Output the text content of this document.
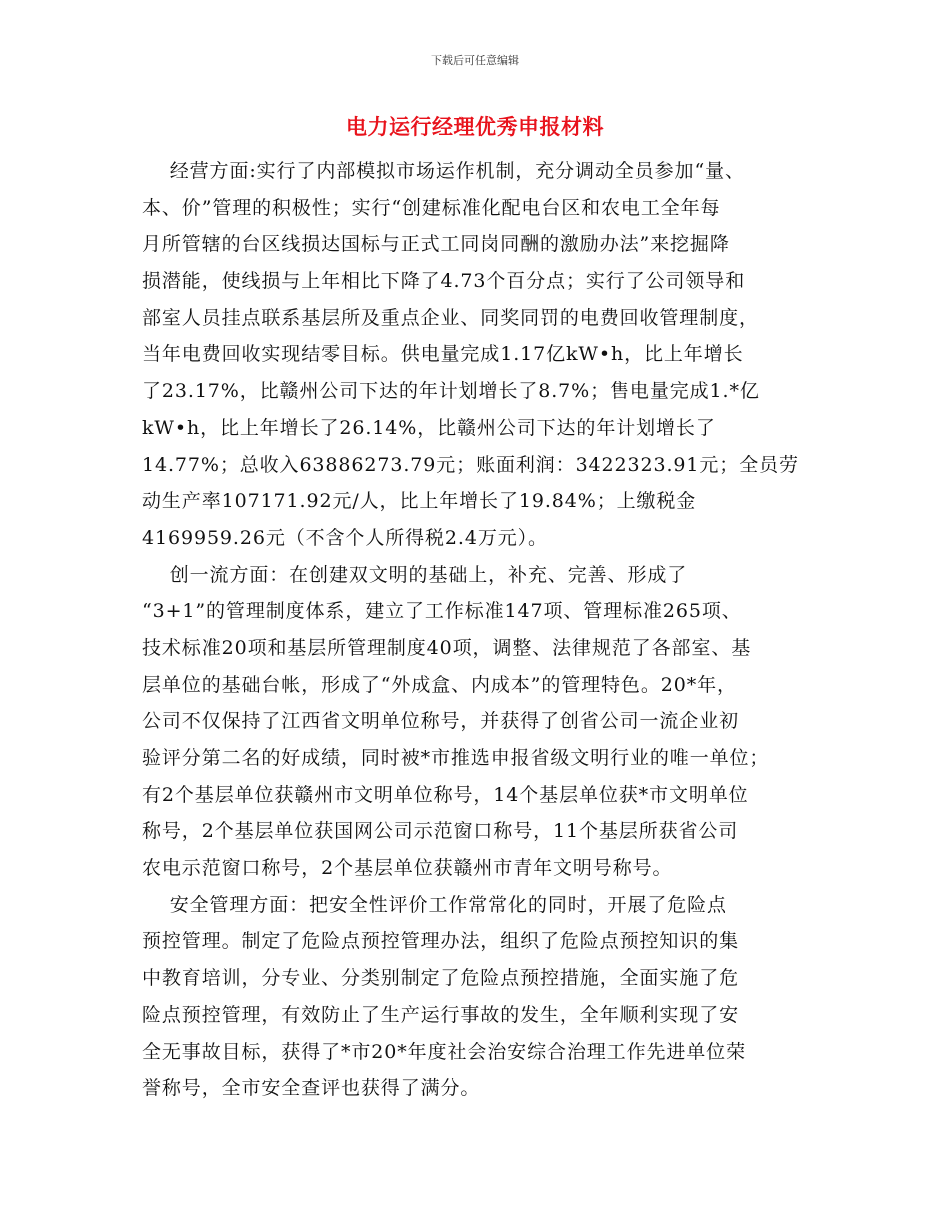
下载后可任意编辑
电力运行经理优秀申报材料
经营方面:实行了内部模拟市场运作机制，充分调动全员参加“量、
本、价”管理的积极性；实行“创建标准化配电台区和农电工全年每
月所管辖的台区线损达国标与正式工同岗同酬的激励办法”来挖掘降
损潜能，使线损与上年相比下降了4.73个百分点；实行了公司领导和
部室人员挂点联系基层所及重点企业、同奖同罚的电费回收管理制度，
当年电费回收实现结零目标。供电量完成1.17亿kW•h，比上年增长
了23.17%，比赣州公司下达的年计划增长了8.7%；售电量完成1.*亿
kW•h，比上年增长了26.14%，比赣州公司下达的年计划增长了
14.77%；总收入63886273.79元；账面利润：3422323.91元；全员劳
动生产率107171.92元/人，比上年增长了19.84%；上缴税金
4169959.26元（不含个人所得税2.4万元）。
创一流方面：在创建双文明的基础上，补充、完善、形成了
“3+1”的管理制度体系，建立了工作标准147项、管理标准265项、
技术标准20项和基层所管理制度40项，调整、法律规范了各部室、基
层单位的基础台帐，形成了“外成盒、内成本”的管理特色。20*年，
公司不仅保持了江西省文明单位称号，并获得了创省公司一流企业初
验评分第二名的好成绩，同时被*市推选申报省级文明行业的唯一单位；
有2个基层单位获赣州市文明单位称号，14个基层单位获*市文明单位
称号，2个基层单位获国网公司示范窗口称号，11个基层所获省公司
农电示范窗口称号，2个基层单位获赣州市青年文明号称号。
安全管理方面：把安全性评价工作常常化的同时，开展了危险点
预控管理。制定了危险点预控管理办法，组织了危险点预控知识的集
中教育培训，分专业、分类别制定了危险点预控措施，全面实施了危
险点预控管理，有效防止了生产运行事故的发生，全年顺利实现了安
全无事故目标，获得了*市20*年度社会治安综合治理工作先进单位荣
誉称号，全市安全查评也获得了满分。
